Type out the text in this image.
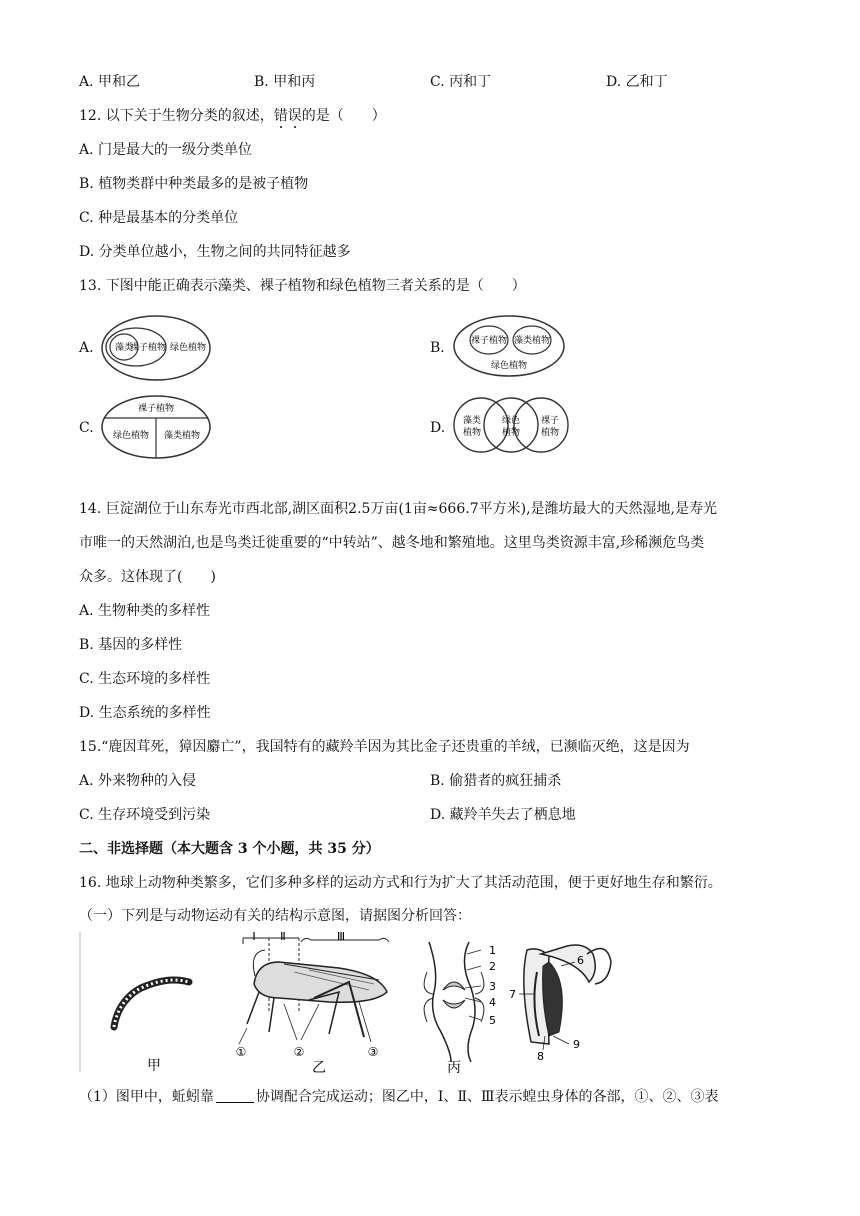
A. 甲和乙	B. 甲和丙	C. 丙和丁	D. 乙和丁
12. 以下关于生物分类的叙述，错误的是（　　）
A. 门是最大的一级分类单位
B. 植物类群中种类最多的是被子植物
C. 种是最基本的分类单位
D. 分类单位越小，生物之间的共同特征越多
13. 下图中能正确表示藻类、裸子植物和绿色植物三者关系的是（　　）
A. 藻类
裸子植物 绿色植物	B.	裸子植物 藻类植物
绿色植物
C.
裸子植物
绿色植物 藻类植物	D. 藻类
植物
绿色
植物
裸子
植物
14. 巨淀湖位于山东寿光市西北部,湖区面积2.5万亩(1亩≈666.7平方米),是潍坊最大的天然湿地,是寿光
市唯一的天然湖泊,也是鸟类迁徙重要的“中转站”、越冬地和繁殖地。这里鸟类资源丰富,珍稀濒危鸟类
众多。这体现了(　　)
A. 生物种类的多样性
B. 基因的多样性
C. 生态环境的多样性
D. 生态系统的多样性
15.“鹿因茸死，獐因麝亡”，我国特有的藏羚羊因为其比金子还贵重的羊绒，已濒临灭绝，这是因为
A. 外来物种的入侵	B. 偷猎者的疯狂捕杀
C. 生存环境受到污染	D. 藏羚羊失去了栖息地
二、非选择题（本大题含 3 个小题，共 35 分）
16. 地球上动物种类繁多，它们多种多样的运动方式和行为扩大了其活动范围，便于更好地生存和繁衍。
（一）下列是与动物运动有关的结构示意图，请据图分析回答：
甲
Ⅰ Ⅱ	Ⅲ
①	②	③
乙
1
2
3
4
5
丙
6
7
8
9
（1）图甲中，蚯蚓靠	协调配合完成运动；图乙中，Ⅰ、Ⅱ、Ⅲ表示蝗虫身体的各部，①、②、③表
